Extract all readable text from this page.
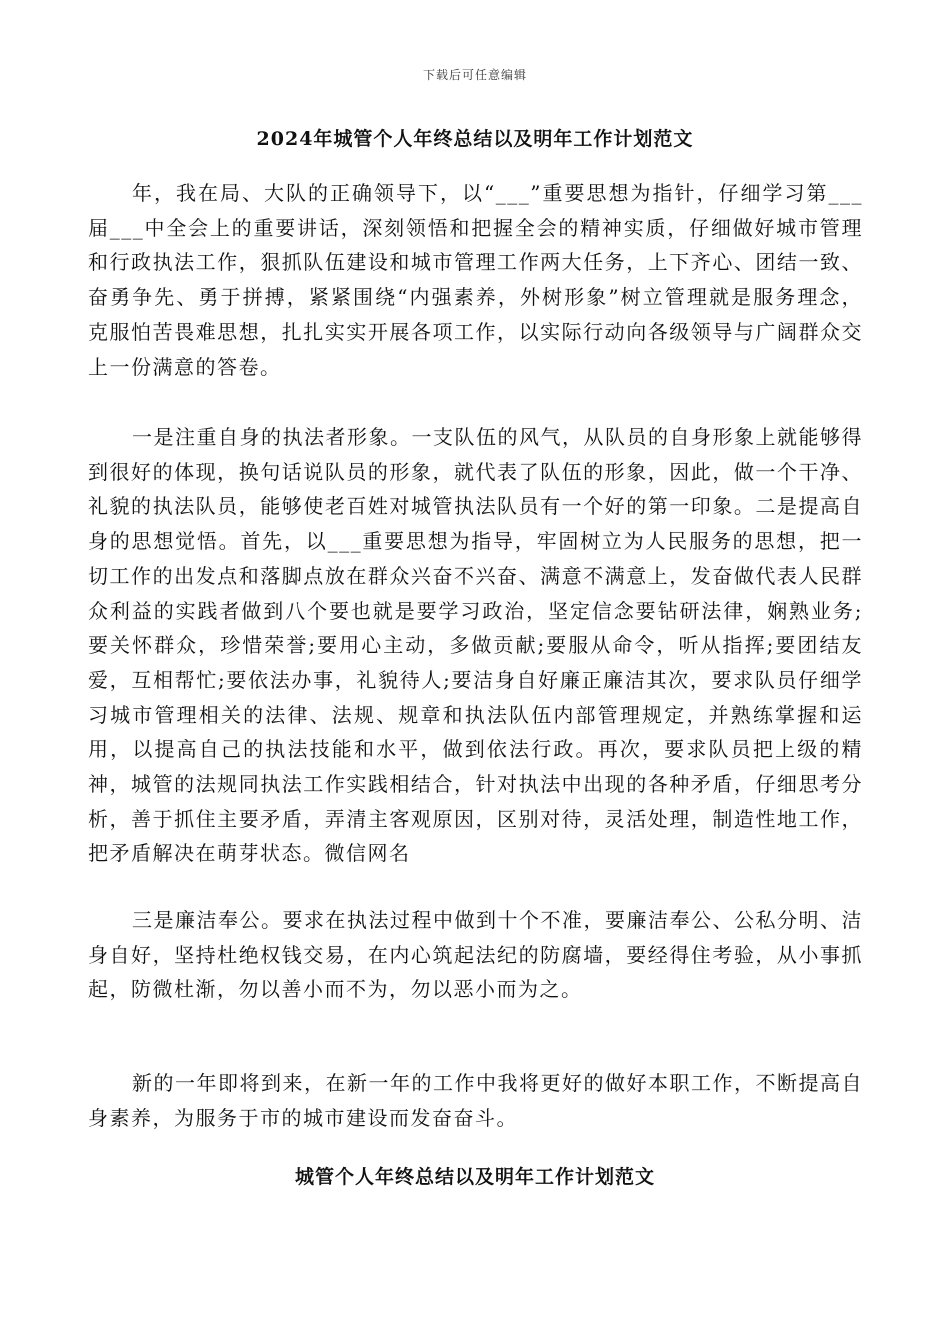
下载后可任意编辑
2024年城管个人年终总结以及明年工作计划范文

年，我在局、大队的正确领导下，以“___”重要思想为指针，仔细学习第___届___中全会上的重要讲话，深刻领悟和把握全会的精神实质，仔细做好城市管理和行政执法工作，狠抓队伍建设和城市管理工作两大任务，上下齐心、团结一致、奋勇争先、勇于拼搏，紧紧围绕“内强素养，外树形象”树立管理就是服务理念，克服怕苦畏难思想，扎扎实实开展各项工作，以实际行动向各级领导与广阔群众交上一份满意的答卷。

一是注重自身的执法者形象。一支队伍的风气，从队员的自身形象上就能够得到很好的体现，换句话说队员的形象，就代表了队伍的形象，因此，做一个干净、礼貌的执法队员，能够使老百姓对城管执法队员有一个好的第一印象。二是提高自身的思想觉悟。首先，以___重要思想为指导，牢固树立为人民服务的思想，把一切工作的出发点和落脚点放在群众兴奋不兴奋、满意不满意上，发奋做代表人民群众利益的实践者做到八个要也就是要学习政治，坚定信念要钻研法律，娴熟业务;要关怀群众，珍惜荣誉;要用心主动，多做贡献;要服从命令，听从指挥;要团结友爱，互相帮忙;要依法办事，礼貌待人;要洁身自好廉正廉洁其次，要求队员仔细学习城市管理相关的法律、法规、规章和执法队伍内部管理规定，并熟练掌握和运用，以提高自己的执法技能和水平，做到依法行政。再次，要求队员把上级的精神，城管的法规同执法工作实践相结合，针对执法中出现的各种矛盾，仔细思考分析，善于抓住主要矛盾，弄清主客观原因，区别对待，灵活处理，制造性地工作，把矛盾解决在萌芽状态。微信网名

三是廉洁奉公。要求在执法过程中做到十个不准，要廉洁奉公、公私分明、洁身自好，坚持杜绝权钱交易，在内心筑起法纪的防腐墙，要经得住考验，从小事抓起，防微杜渐，勿以善小而不为，勿以恶小而为之。

新的一年即将到来，在新一年的工作中我将更好的做好本职工作，不断提高自身素养，为服务于市的城市建设而发奋奋斗。

城管个人年终总结以及明年工作计划范文
